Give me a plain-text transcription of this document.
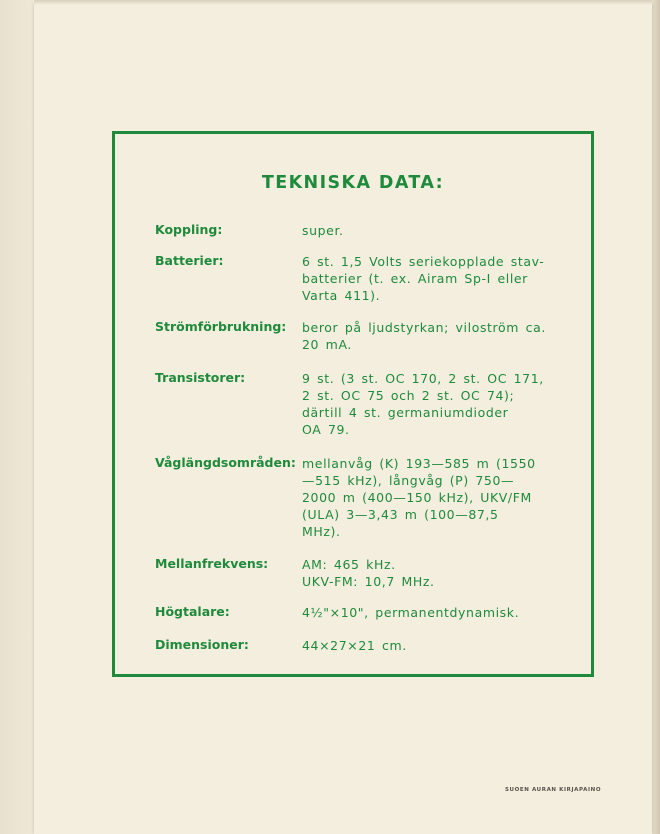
TEKNISKA DATA:
Koppling:	super.
Batterier:	6 st. 1,5 Volts seriekopplade stav-
batterier (t. ex. Airam Sp-I eller
Varta 411).
Strömförbrukning: beror på ljudstyrkan; viloström ca.
20 mA.
Transistorer:	9 st. (3 st. OC 170, 2 st. OC 171,
2 st. OC 75 och 2 st. OC 74);
därtill 4 st. germaniumdioder
OA 79.
Våglängdsområden: mellanvåg (K) 193—585 m (1550
—515 kHz), långvåg (P) 750—
2000 m (400—150 kHz), UKV/FM
(ULA) 3—3,43 m (100—87,5
MHz).
Mellanfrekvens:	AM: 465 kHz.
UKV-FM: 10,7 MHz.
Högtalare:	4½"×10", permanentdynamisk.
Dimensioner:	44×27×21 cm.
SUOEN AURAN KIRJAPAINO
